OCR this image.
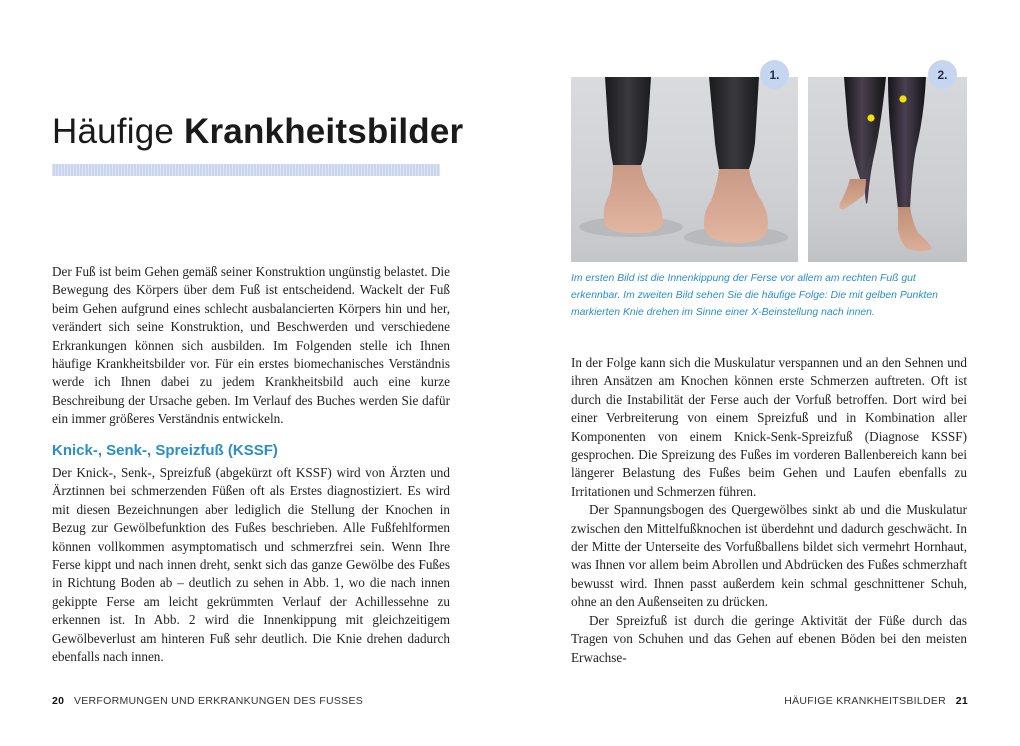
Häufige Krankheitsbilder

Der Fuß ist beim Gehen gemäß seiner Konstruktion ungünstig belastet. Die Bewegung des Körpers über dem Fuß ist entscheidend. Wackelt der Fuß beim Gehen aufgrund eines schlecht ausbalancierten Körpers hin und her, verändert sich seine Konstruktion, und Beschwerden und verschiedene Erkrankungen können sich ausbilden. Im Folgenden stelle ich Ihnen häufige Krankheitsbilder vor. Für ein erstes biomechanisches Verständnis werde ich Ihnen dabei zu jedem Krankheitsbild auch eine kurze Beschreibung der Ursache geben. Im Verlauf des Buches werden Sie dafür ein immer größeres Verständnis entwickeln.

Knick-, Senk-, Spreizfuß (KSSF)

Der Knick-, Senk-, Spreizfuß (abgekürzt oft KSSF) wird von Ärzten und Ärztinnen bei schmerzenden Füßen oft als Erstes diagnostiziert. Es wird mit diesen Bezeichnungen aber lediglich die Stellung der Knochen in Bezug zur Gewölbefunktion des Fußes beschrieben. Alle Fußfehlformen können vollkommen asymptomatisch und schmerzfrei sein. Wenn Ihre Ferse kippt und nach innen dreht, senkt sich das ganze Gewölbe des Fußes in Richtung Boden ab – deutlich zu sehen in Abb. 1, wo die nach innen gekippte Ferse am leicht gekrümmten Verlauf der Achillessehne zu erkennen ist. In Abb. 2 wird die Innenkippung mit gleichzeitigem Gewölbeverlust am hinteren Fuß sehr deutlich. Die Knie drehen dadurch ebenfalls nach innen.

20 VERFORMUNGEN UND ERKRANKUNGEN DES FUSSES
1.	2.

Im ersten Bild ist die Innenkippung der Ferse vor allem am rechten Fuß gut erkennbar. Im zweiten Bild sehen Sie die häufige Folge: Die mit gelben Punkten markierten Knie drehen im Sinne einer X-Beinstellung nach innen.

In der Folge kann sich die Muskulatur verspannen und an den Sehnen und ihren Ansätzen am Knochen können erste Schmerzen auftreten. Oft ist durch die Instabilität der Ferse auch der Vorfuß betroffen. Dort wird bei einer Verbreiterung von einem Spreizfuß und in Kombination aller Komponenten von einem Knick-Senk-Spreizfuß (Diagnose KSSF) gesprochen. Die Spreizung des Fußes im vorderen Ballenbereich kann bei längerer Belastung des Fußes beim Gehen und Laufen ebenfalls zu Irritationen und Schmerzen führen.

Der Spannungsbogen des Quergewölbes sinkt ab und die Muskulatur zwischen den Mittelfußknochen ist überdehnt und dadurch geschwächt. In der Mitte der Unterseite des Vorfußballens bildet sich vermehrt Hornhaut, was Ihnen vor allem beim Abrollen und Abdrücken des Fußes schmerzhaft bewusst wird. Ihnen passt außerdem kein schmal geschnittener Schuh, ohne an den Außenseiten zu drücken.

Der Spreizfuß ist durch die geringe Aktivität der Füße durch das Tragen von Schuhen und das Gehen auf ebenen Böden bei den meisten Erwachse-

HÄUFIGE KRANKHEITSBILDER 21
